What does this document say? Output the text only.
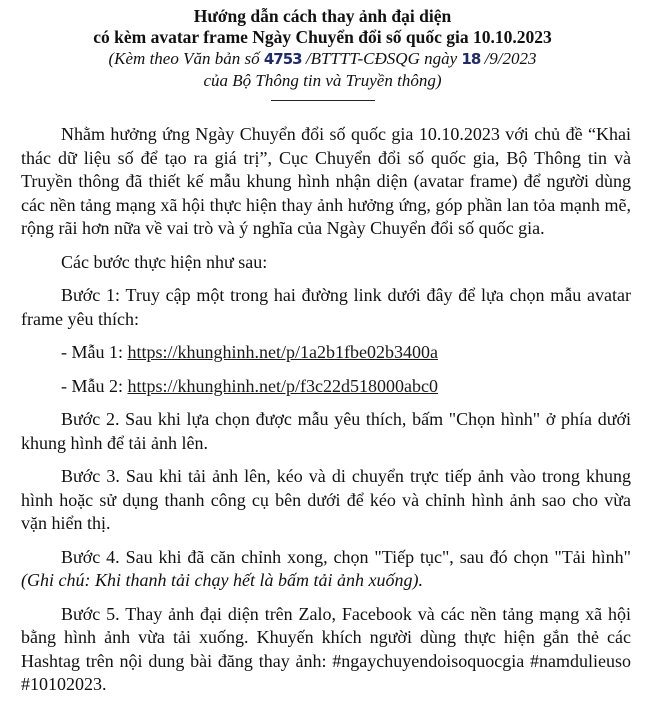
Hướng dẫn cách thay ảnh đại diện
có kèm avatar frame Ngày Chuyển đổi số quốc gia 10.10.2023
(Kèm theo Văn bản số 4753 /BTTTT-CĐSQG ngày 18 /9/2023
của Bộ Thông tin và Truyền thông)

Nhằm hưởng ứng Ngày Chuyển đổi số quốc gia 10.10.2023 với chủ đề “Khai thác dữ liệu số để tạo ra giá trị”, Cục Chuyển đổi số quốc gia, Bộ Thông tin và Truyền thông đã thiết kế mẫu khung hình nhận diện (avatar frame) để người dùng các nền tảng mạng xã hội thực hiện thay ảnh hưởng ứng, góp phần lan tỏa mạnh mẽ, rộng rãi hơn nữa về vai trò và ý nghĩa của Ngày Chuyển đổi số quốc gia.

Các bước thực hiện như sau:

Bước 1: Truy cập một trong hai đường link dưới đây để lựa chọn mẫu avatar frame yêu thích:

- Mẫu 1: https://khunghinh.net/p/1a2b1fbe02b3400a

- Mẫu 2: https://khunghinh.net/p/f3c22d518000abc0

Bước 2. Sau khi lựa chọn được mẫu yêu thích, bấm "Chọn hình" ở phía dưới khung hình để tải ảnh lên.

Bước 3. Sau khi tải ảnh lên, kéo và di chuyển trực tiếp ảnh vào trong khung hình hoặc sử dụng thanh công cụ bên dưới để kéo và chỉnh hình ảnh sao cho vừa vặn hiển thị.

Bước 4. Sau khi đã căn chỉnh xong, chọn "Tiếp tục", sau đó chọn "Tải hình" (Ghi chú: Khi thanh tải chạy hết là bấm tải ảnh xuống).

Bước 5. Thay ảnh đại diện trên Zalo, Facebook và các nền tảng mạng xã hội bằng hình ảnh vừa tải xuống. Khuyến khích người dùng thực hiện gắn thẻ các Hashtag trên nội dung bài đăng thay ảnh: #ngaychuyendoisoquocgia #namdulieuso #10102023.
